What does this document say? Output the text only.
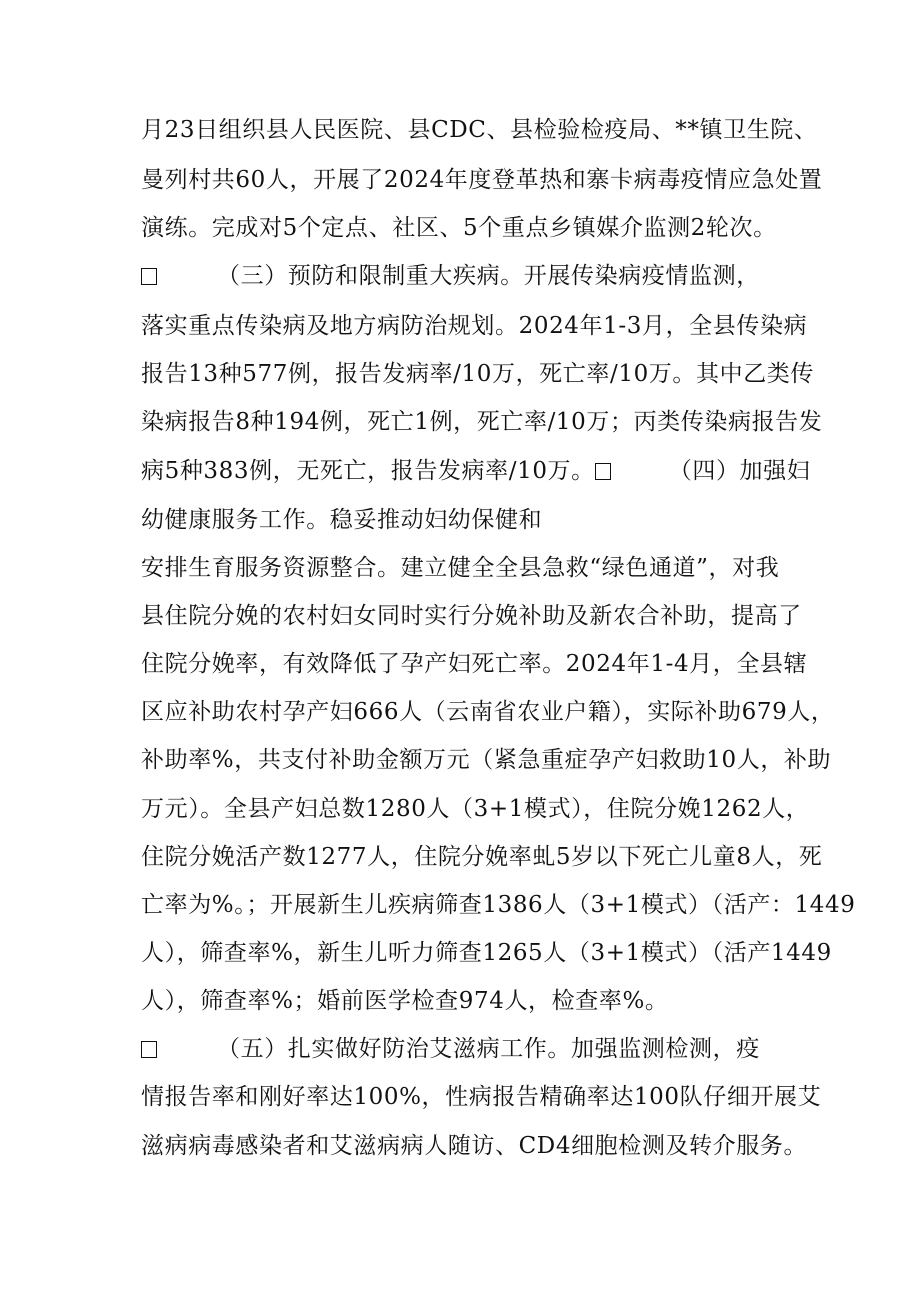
月23日组织县人民医院、县CDC、县检验检疫局、**镇卫生院、
曼列村共60人，开展了2024年度登革热和寨卡病毒疫情应急处置
演练。完成对5个定点、社区、5个重点乡镇媒介监测2轮次。
（三）预防和限制重大疾病。开展传染病疫情监测，
落实重点传染病及地方病防治规划。2024年1-3月，全县传染病
报告13种577例，报告发病率/10万，死亡率/10万。其中乙类传
染病报告8种194例，死亡1例，死亡率/10万；丙类传染病报告发
病5种383例，无死亡，报告发病率/10万。	（四）加强妇
幼健康服务工作。稳妥推动妇幼保健和
安排生育服务资源整合。建立健全全县急救“绿色通道”，对我
县住院分娩的农村妇女同时实行分娩补助及新农合补助，提高了
住院分娩率，有效降低了孕产妇死亡率。2024年1-4月，全县辖
区应补助农村孕产妇666人（云南省农业户籍），实际补助679人，
补助率%，共支付补助金额万元（紧急重症孕产妇救助10人，补助
万元）。全县产妇总数1280人（3+1模式），住院分娩1262人，
住院分娩活产数1277人，住院分娩率虬5岁以下死亡儿童8人，死
亡率为%。；开展新生儿疾病筛查1386人（3+1模式）（活产：1449
人），筛查率%，新生儿听力筛查1265人（3+1模式）（活产1449
人），筛查率%；婚前医学检查974人，检查率%。
（五）扎实做好防治艾滋病工作。加强监测检测，疫
情报告率和刚好率达100%，性病报告精确率达100队仔细开展艾
滋病病毒感染者和艾滋病病人随访、CD4细胞检测及转介服务。
